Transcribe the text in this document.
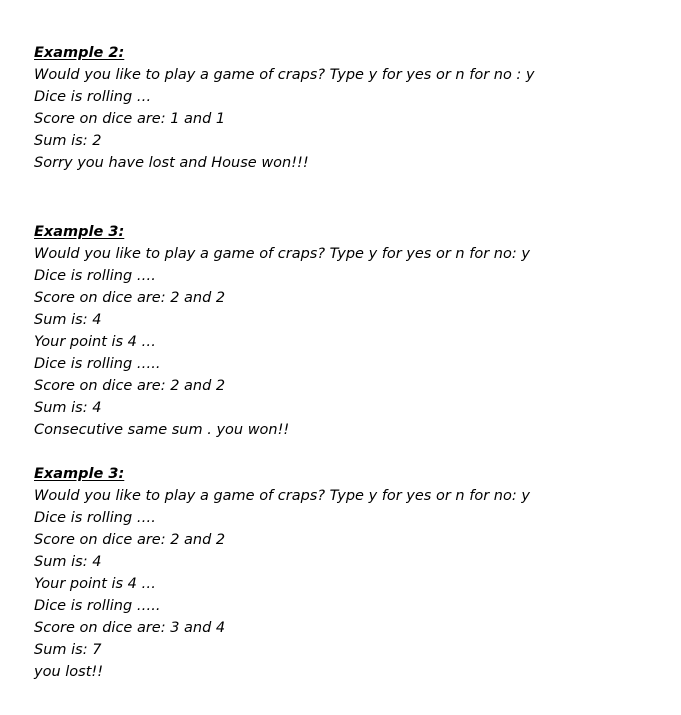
Example 2:
Would you like to play a game of craps? Type y for yes or n for no : y
Dice is rolling …
Score on dice are: 1 and 1
Sum is: 2
Sorry you have lost and House won!!!
Example 3:
Would you like to play a game of craps? Type y for yes or n for no: y
Dice is rolling ….
Score on dice are: 2 and 2
Sum is: 4
Your point is 4 …
Dice is rolling …..
Score on dice are: 2 and 2
Sum is: 4
Consecutive same sum . you won!!
Example 3:
Would you like to play a game of craps? Type y for yes or n for no: y
Dice is rolling ….
Score on dice are: 2 and 2
Sum is: 4
Your point is 4 …
Dice is rolling …..
Score on dice are: 3 and 4
Sum is: 7
you lost!!
